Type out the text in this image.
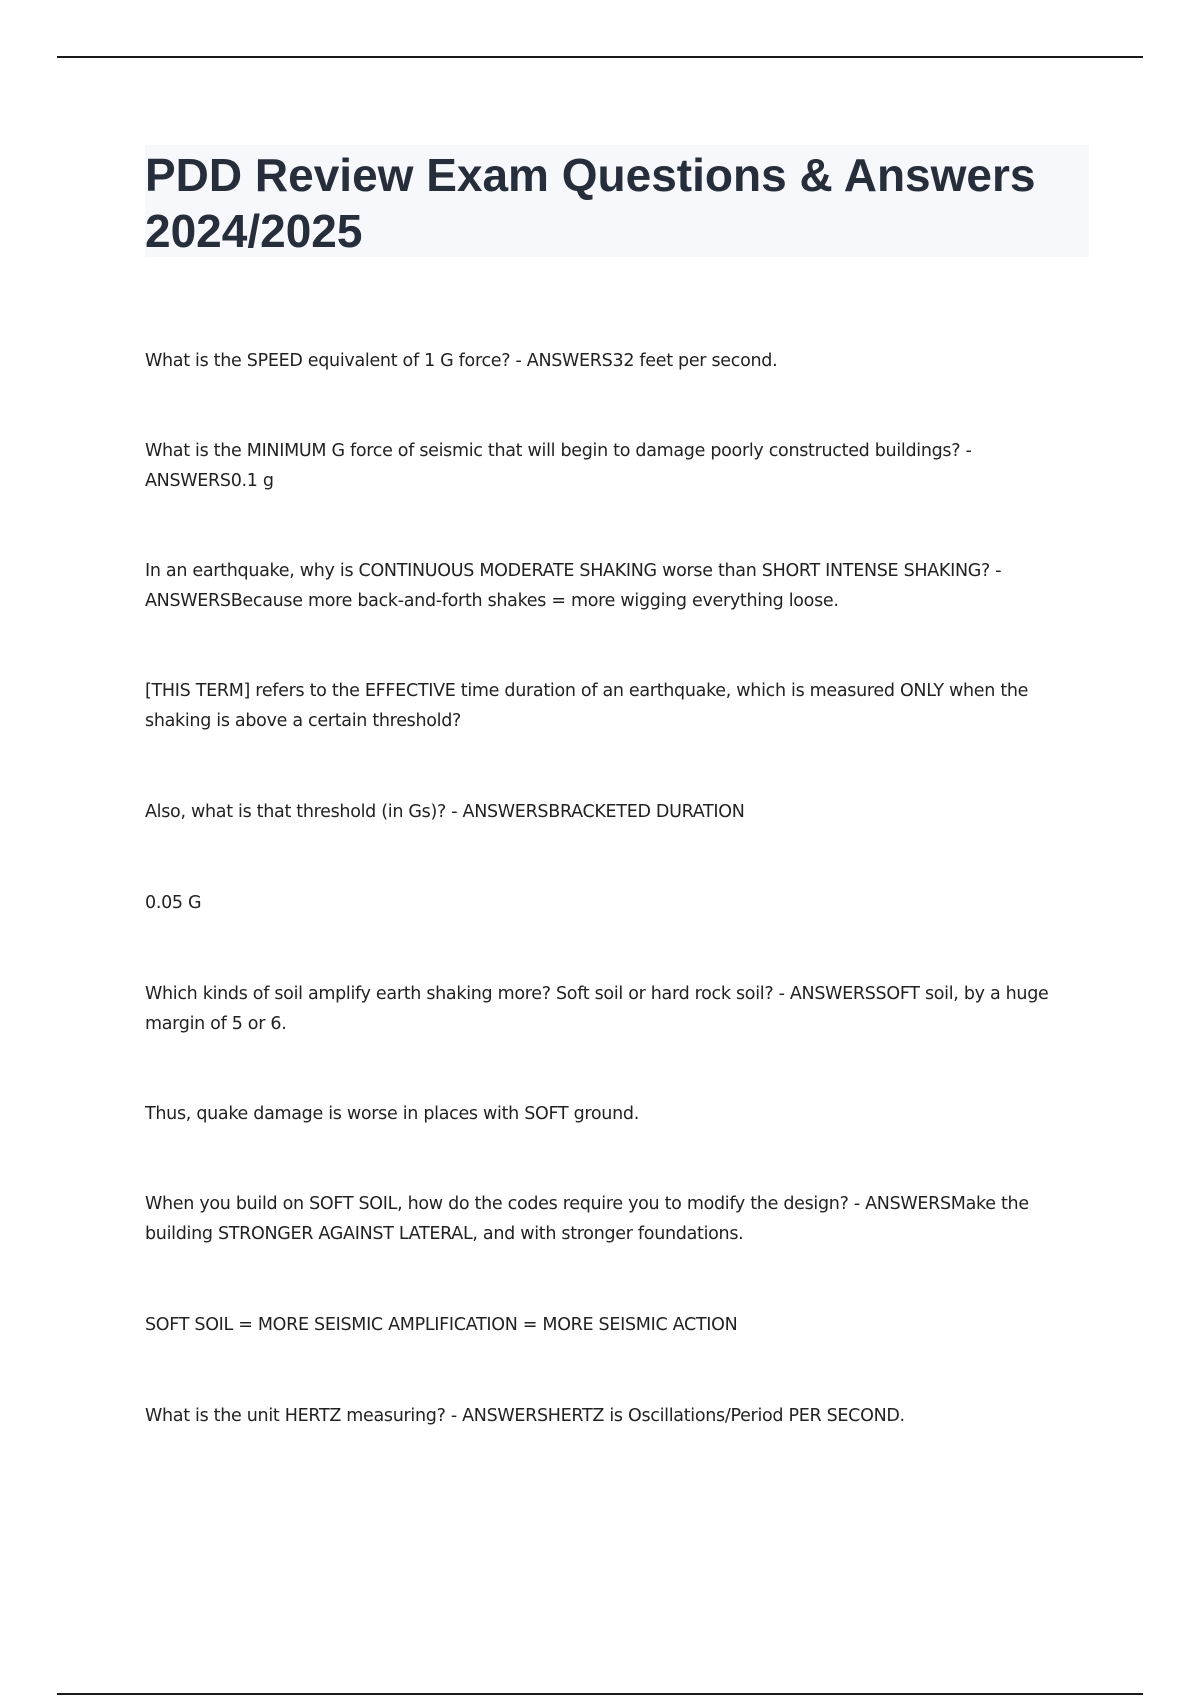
PDD Review Exam Questions & Answers 2024/2025

What is the SPEED equivalent of 1 G force? - ANSWERS32 feet per second.

What is the MINIMUM G force of seismic that will begin to damage poorly constructed buildings? - ANSWERS0.1 g

In an earthquake, why is CONTINUOUS MODERATE SHAKING worse than SHORT INTENSE SHAKING? - ANSWERSBecause more back-and-forth shakes = more wigging everything loose.

[THIS TERM] refers to the EFFECTIVE time duration of an earthquake, which is measured ONLY when the shaking is above a certain threshold?

Also, what is that threshold (in Gs)? - ANSWERSBRACKETED DURATION

0.05 G

Which kinds of soil amplify earth shaking more? Soft soil or hard rock soil? - ANSWERSSOFT soil, by a huge margin of 5 or 6.

Thus, quake damage is worse in places with SOFT ground.

When you build on SOFT SOIL, how do the codes require you to modify the design? - ANSWERSMake the building STRONGER AGAINST LATERAL, and with stronger foundations.

SOFT SOIL = MORE SEISMIC AMPLIFICATION = MORE SEISMIC ACTION

What is the unit HERTZ measuring? - ANSWERSHERTZ is Oscillations/Period PER SECOND.
